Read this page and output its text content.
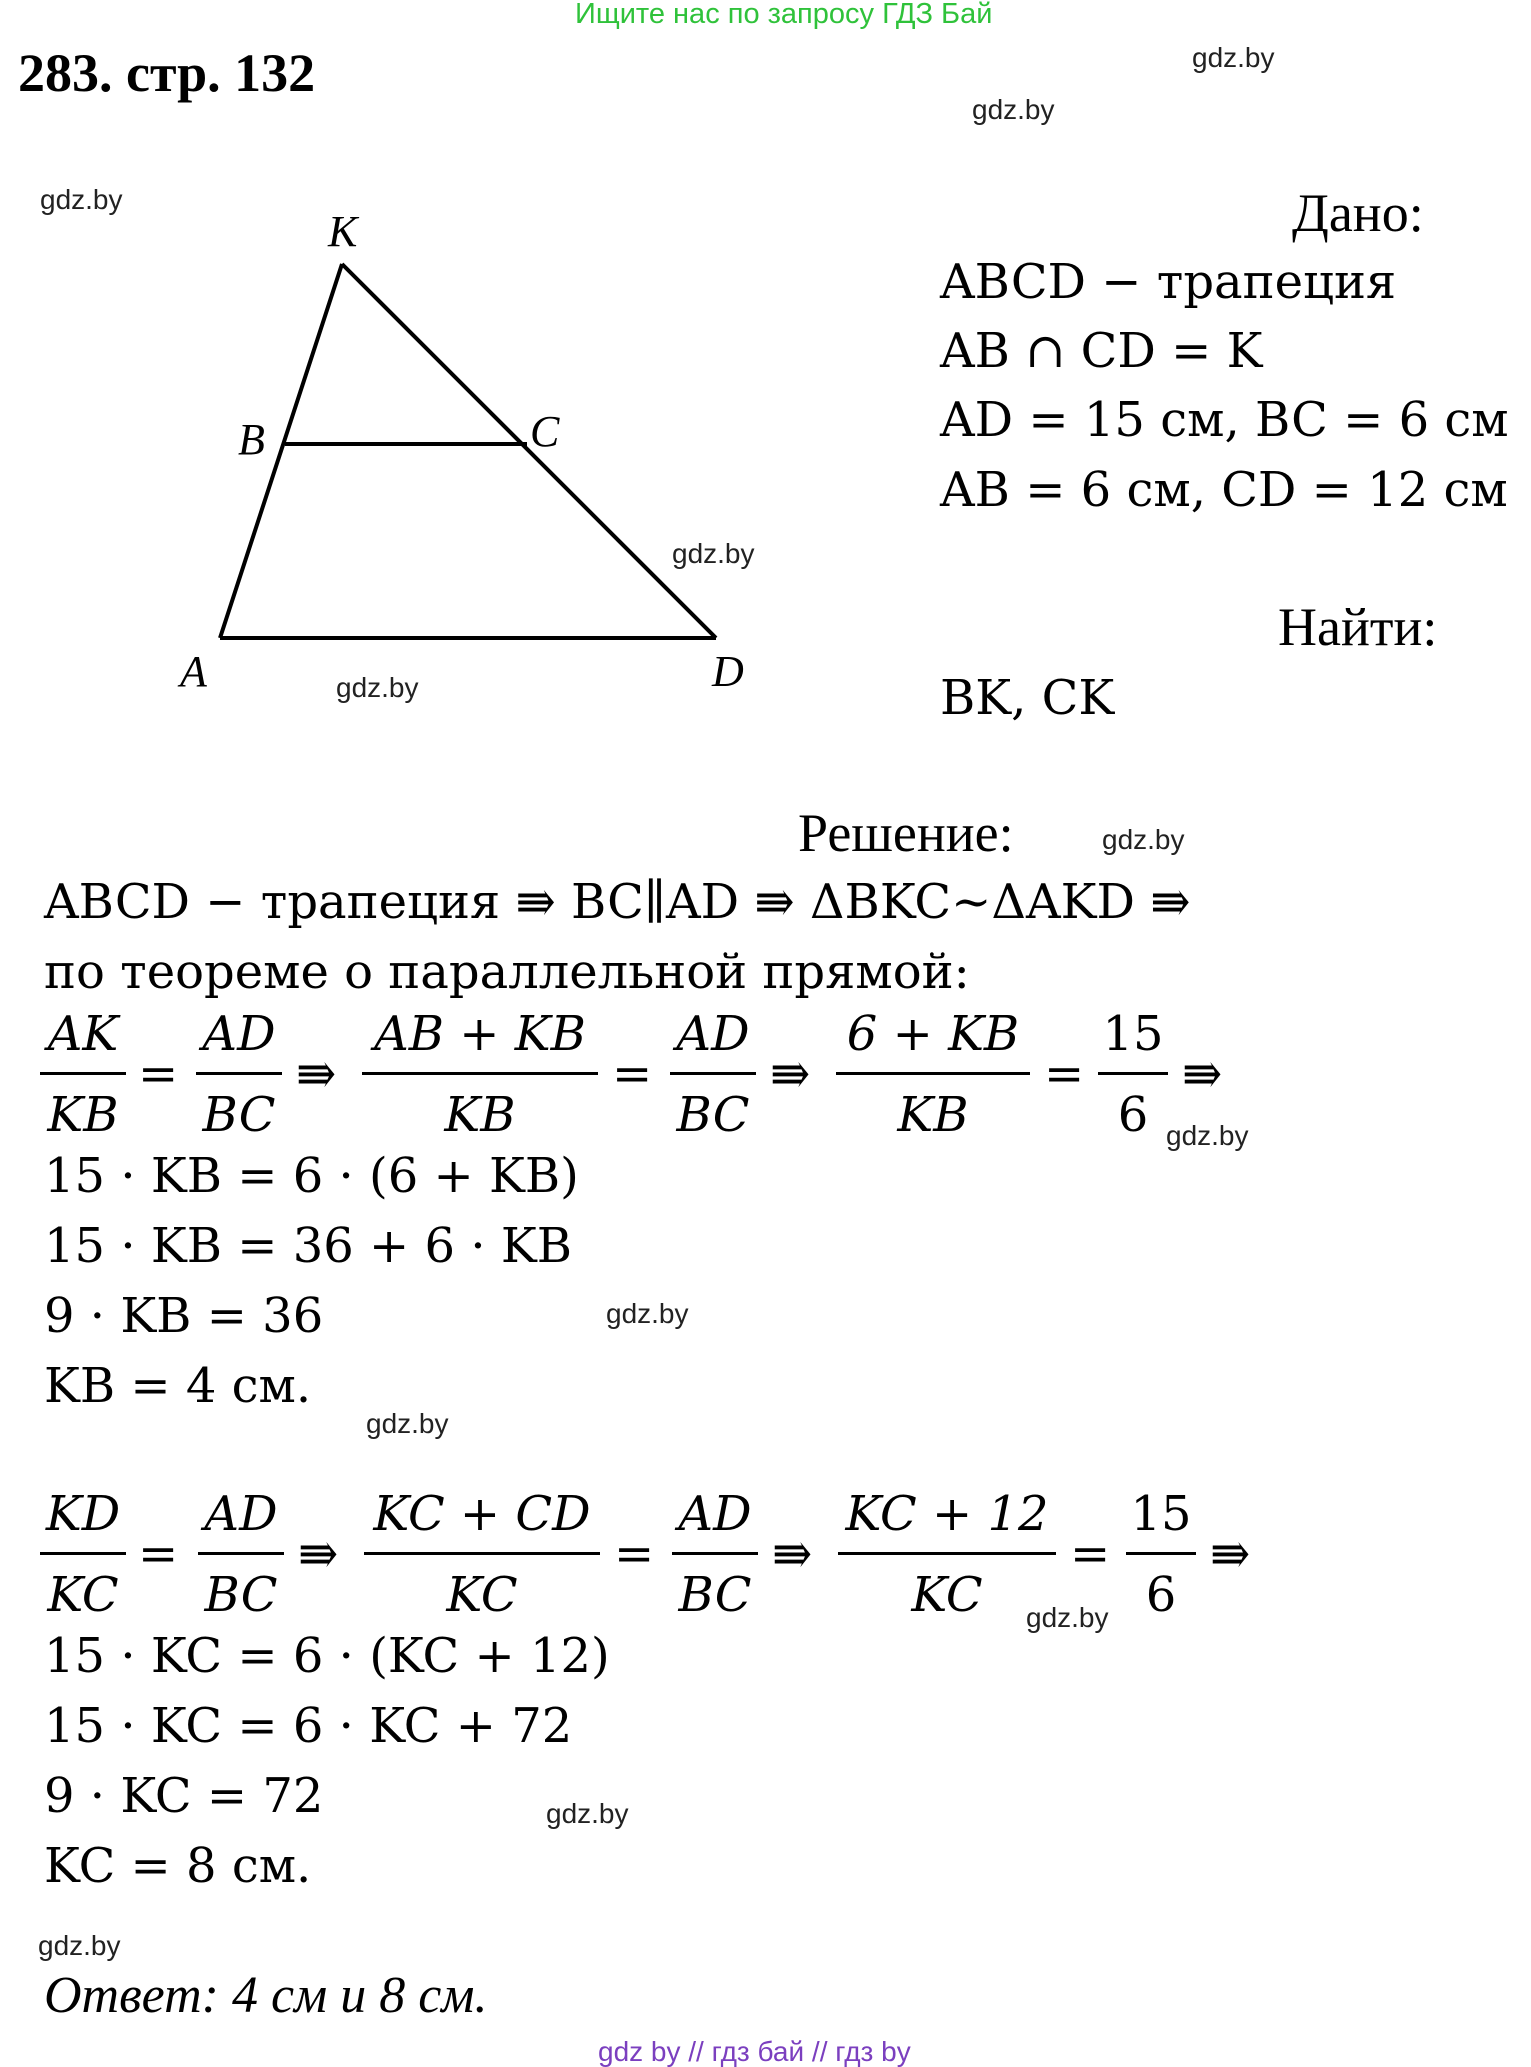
Ищите нас по запросу ГДЗ Бай
283. стр. 132	gdz.by
gdz.by
gdz.by
gdz.by
gdz.by
gdz.by
gdz.by
gdz.by
gdz.by
gdz.by
gdz.by
gdz.by
K
B	C
A	D
Дано:
ABCD − трапеция
AB ∩ CD = K
AD = 15 см, BC = 6 см
AB = 6 см, CD = 12 см
Найти:
BK, CK
Решение:
ABCD − трапеция ⇛ BC∥AD ⇛ ΔBKC~ΔAKD ⇛
по теореме о параллельной прямой:
AK
KB
=
AD
BC
⇛
AB + KB
KB
=
AD
BC
⇛
6 + KB
KB
=
15
6
⇛
15 · KB = 6 · (6 + KB)
15 · KB = 36 + 6 · KB
9 · KB = 36
KB = 4 см.
KD
KC
=
AD
BC
⇛
KC + CD
KC
=
AD
BC
⇛
KC + 12
KC
=
15
6
⇛
15 · KC = 6 · (KC + 12)
15 · KC = 6 · KC + 72
9 · KC = 72
KC = 8 см.
Ответ: 4 см и 8 см.
gdz by // гдз бай // гдз by
